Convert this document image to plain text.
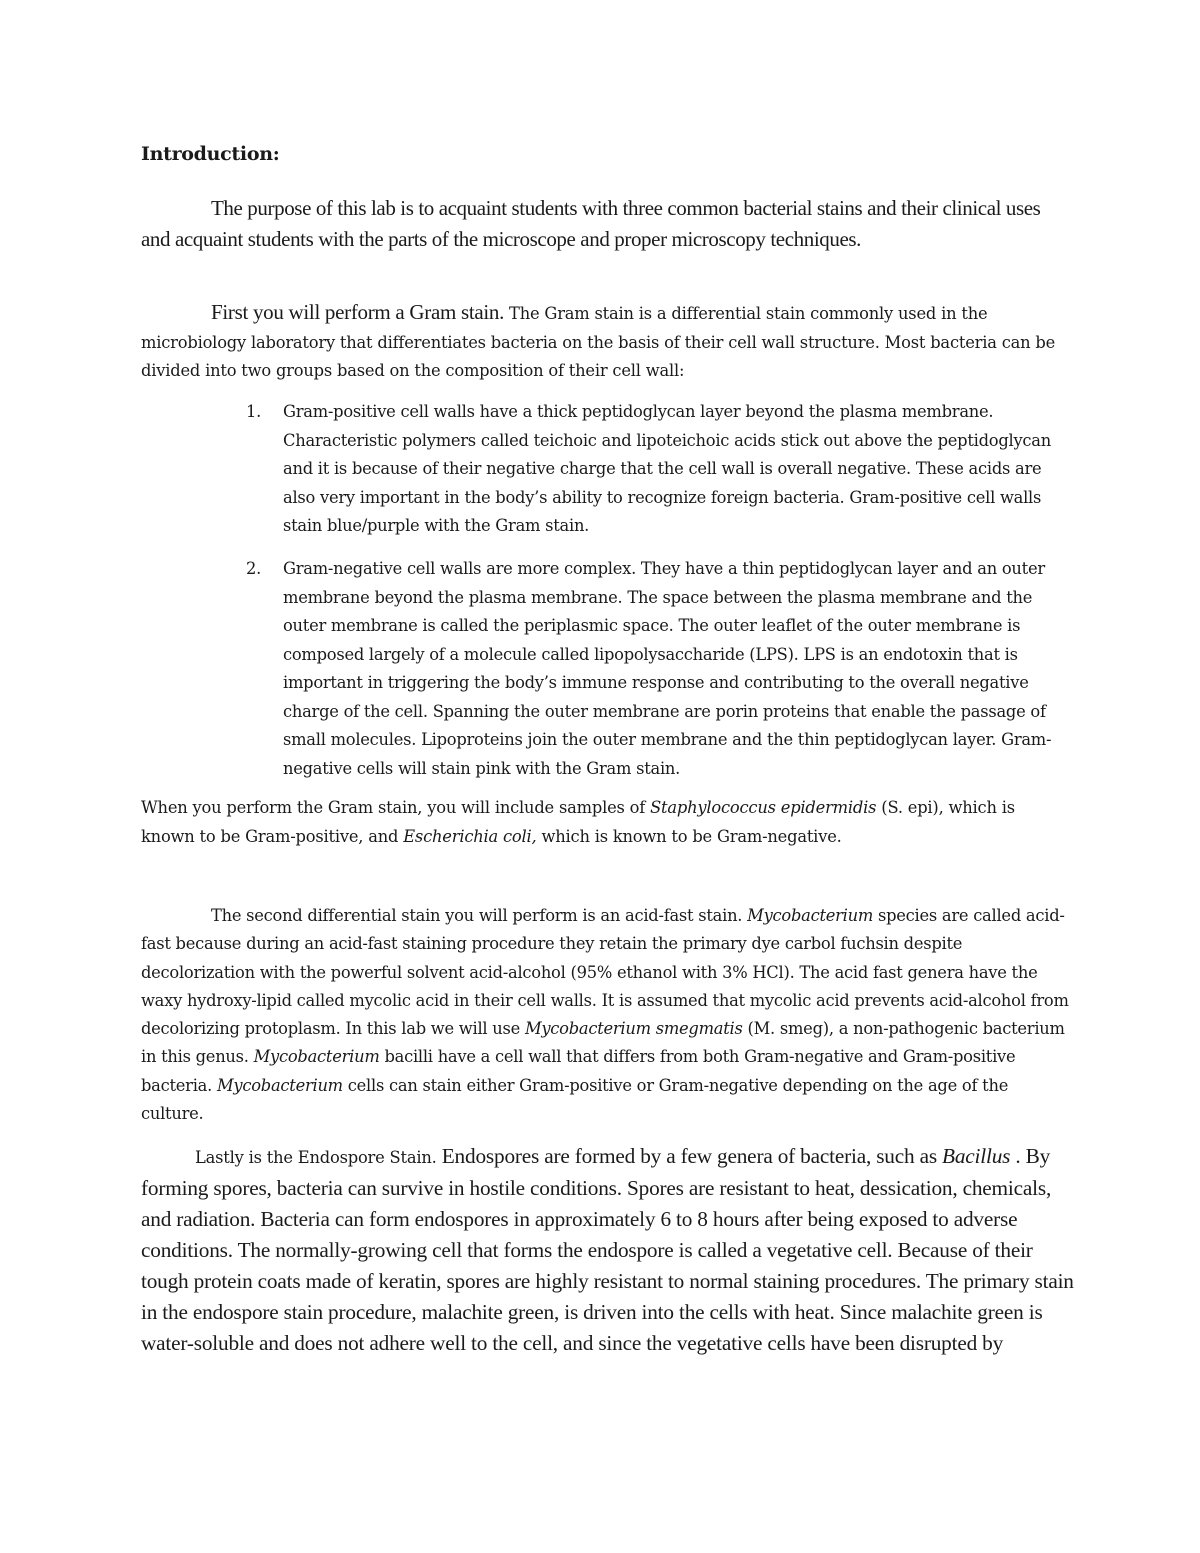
Introduction:

The purpose of this lab is to acquaint students with three common bacterial stains and their clinical uses and acquaint students with the parts of the microscope and proper microscopy techniques.

First you will perform a Gram stain. The Gram stain is a differential stain commonly used in the microbiology laboratory that differentiates bacteria on the basis of their cell wall structure. Most bacteria can be divided into two groups based on the composition of their cell wall:

1. Gram-positive cell walls have a thick peptidoglycan layer beyond the plasma membrane. Characteristic polymers called teichoic and lipoteichoic acids stick out above the peptidoglycan and it is because of their negative charge that the cell wall is overall negative. These acids are also very important in the body’s ability to recognize foreign bacteria. Gram-positive cell walls stain blue/purple with the Gram stain.
2. Gram-negative cell walls are more complex. They have a thin peptidoglycan layer and an outer membrane beyond the plasma membrane. The space between the plasma membrane and the outer membrane is called the periplasmic space. The outer leaflet of the outer membrane is composed largely of a molecule called lipopolysaccharide (LPS). LPS is an endotoxin that is important in triggering the body’s immune response and contributing to the overall negative charge of the cell. Spanning the outer membrane are porin proteins that enable the passage of small molecules. Lipoproteins join the outer membrane and the thin peptidoglycan layer. Gram-negative cells will stain pink with the Gram stain.

When you perform the Gram stain, you will include samples of Staphylococcus epidermidis (S. epi), which is known to be Gram-positive, and Escherichia coli, which is known to be Gram-negative.

The second differential stain you will perform is an acid-fast stain. Mycobacterium species are called acid-fast because during an acid-fast staining procedure they retain the primary dye carbol fuchsin despite decolorization with the powerful solvent acid-alcohol (95% ethanol with 3% HCl). The acid fast genera have the waxy hydroxy-lipid called mycolic acid in their cell walls. It is assumed that mycolic acid prevents acid-alcohol from decolorizing protoplasm. In this lab we will use Mycobacterium smegmatis (M. smeg), a non-pathogenic bacterium in this genus. Mycobacterium bacilli have a cell wall that differs from both Gram-negative and Gram-positive bacteria. Mycobacterium cells can stain either Gram-positive or Gram-negative depending on the age of the culture.

Lastly is the Endospore Stain. Endospores are formed by a few genera of bacteria, such as Bacillus . By forming spores, bacteria can survive in hostile conditions. Spores are resistant to heat, dessication, chemicals, and radiation. Bacteria can form endospores in approximately 6 to 8 hours after being exposed to adverse conditions. The normally-growing cell that forms the endospore is called a vegetative cell. Because of their tough protein coats made of keratin, spores are highly resistant to normal staining procedures. The primary stain in the endospore stain procedure, malachite green, is driven into the cells with heat. Since malachite green is water-soluble and does not adhere well to the cell, and since the vegetative cells have been disrupted by
